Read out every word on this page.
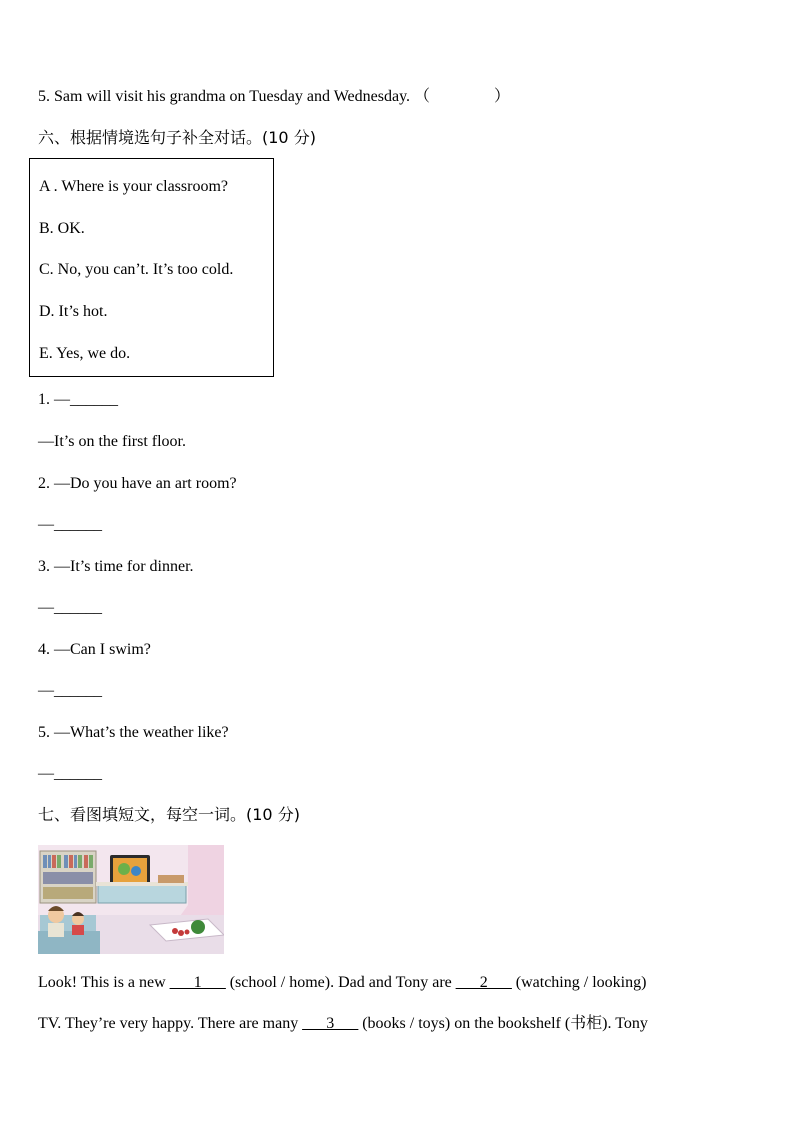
5. Sam will visit his grandma on Tuesday and Wednesday. （　　　　）
六、根据情境选句子补全对话。(10 分)
A . Where is your classroom?
B. OK.
C. No, you can’t. It’s too cold.
D. It’s hot.
E. Yes, we do.
1. —______
—It’s on the first floor.
2. —Do you have an art room?
—______
3. —It’s time for dinner.
—______
4. —Can I swim?
—______
5. —What’s the weather like?
—______
七、看图填短文，每空一词。(10 分)
Look! This is a new ___1___ (school / home). Dad and Tony are ___2___ (watching / looking)
TV. They’re very happy. There are many ___3___ (books / toys) on the bookshelf (书柜). Tony
